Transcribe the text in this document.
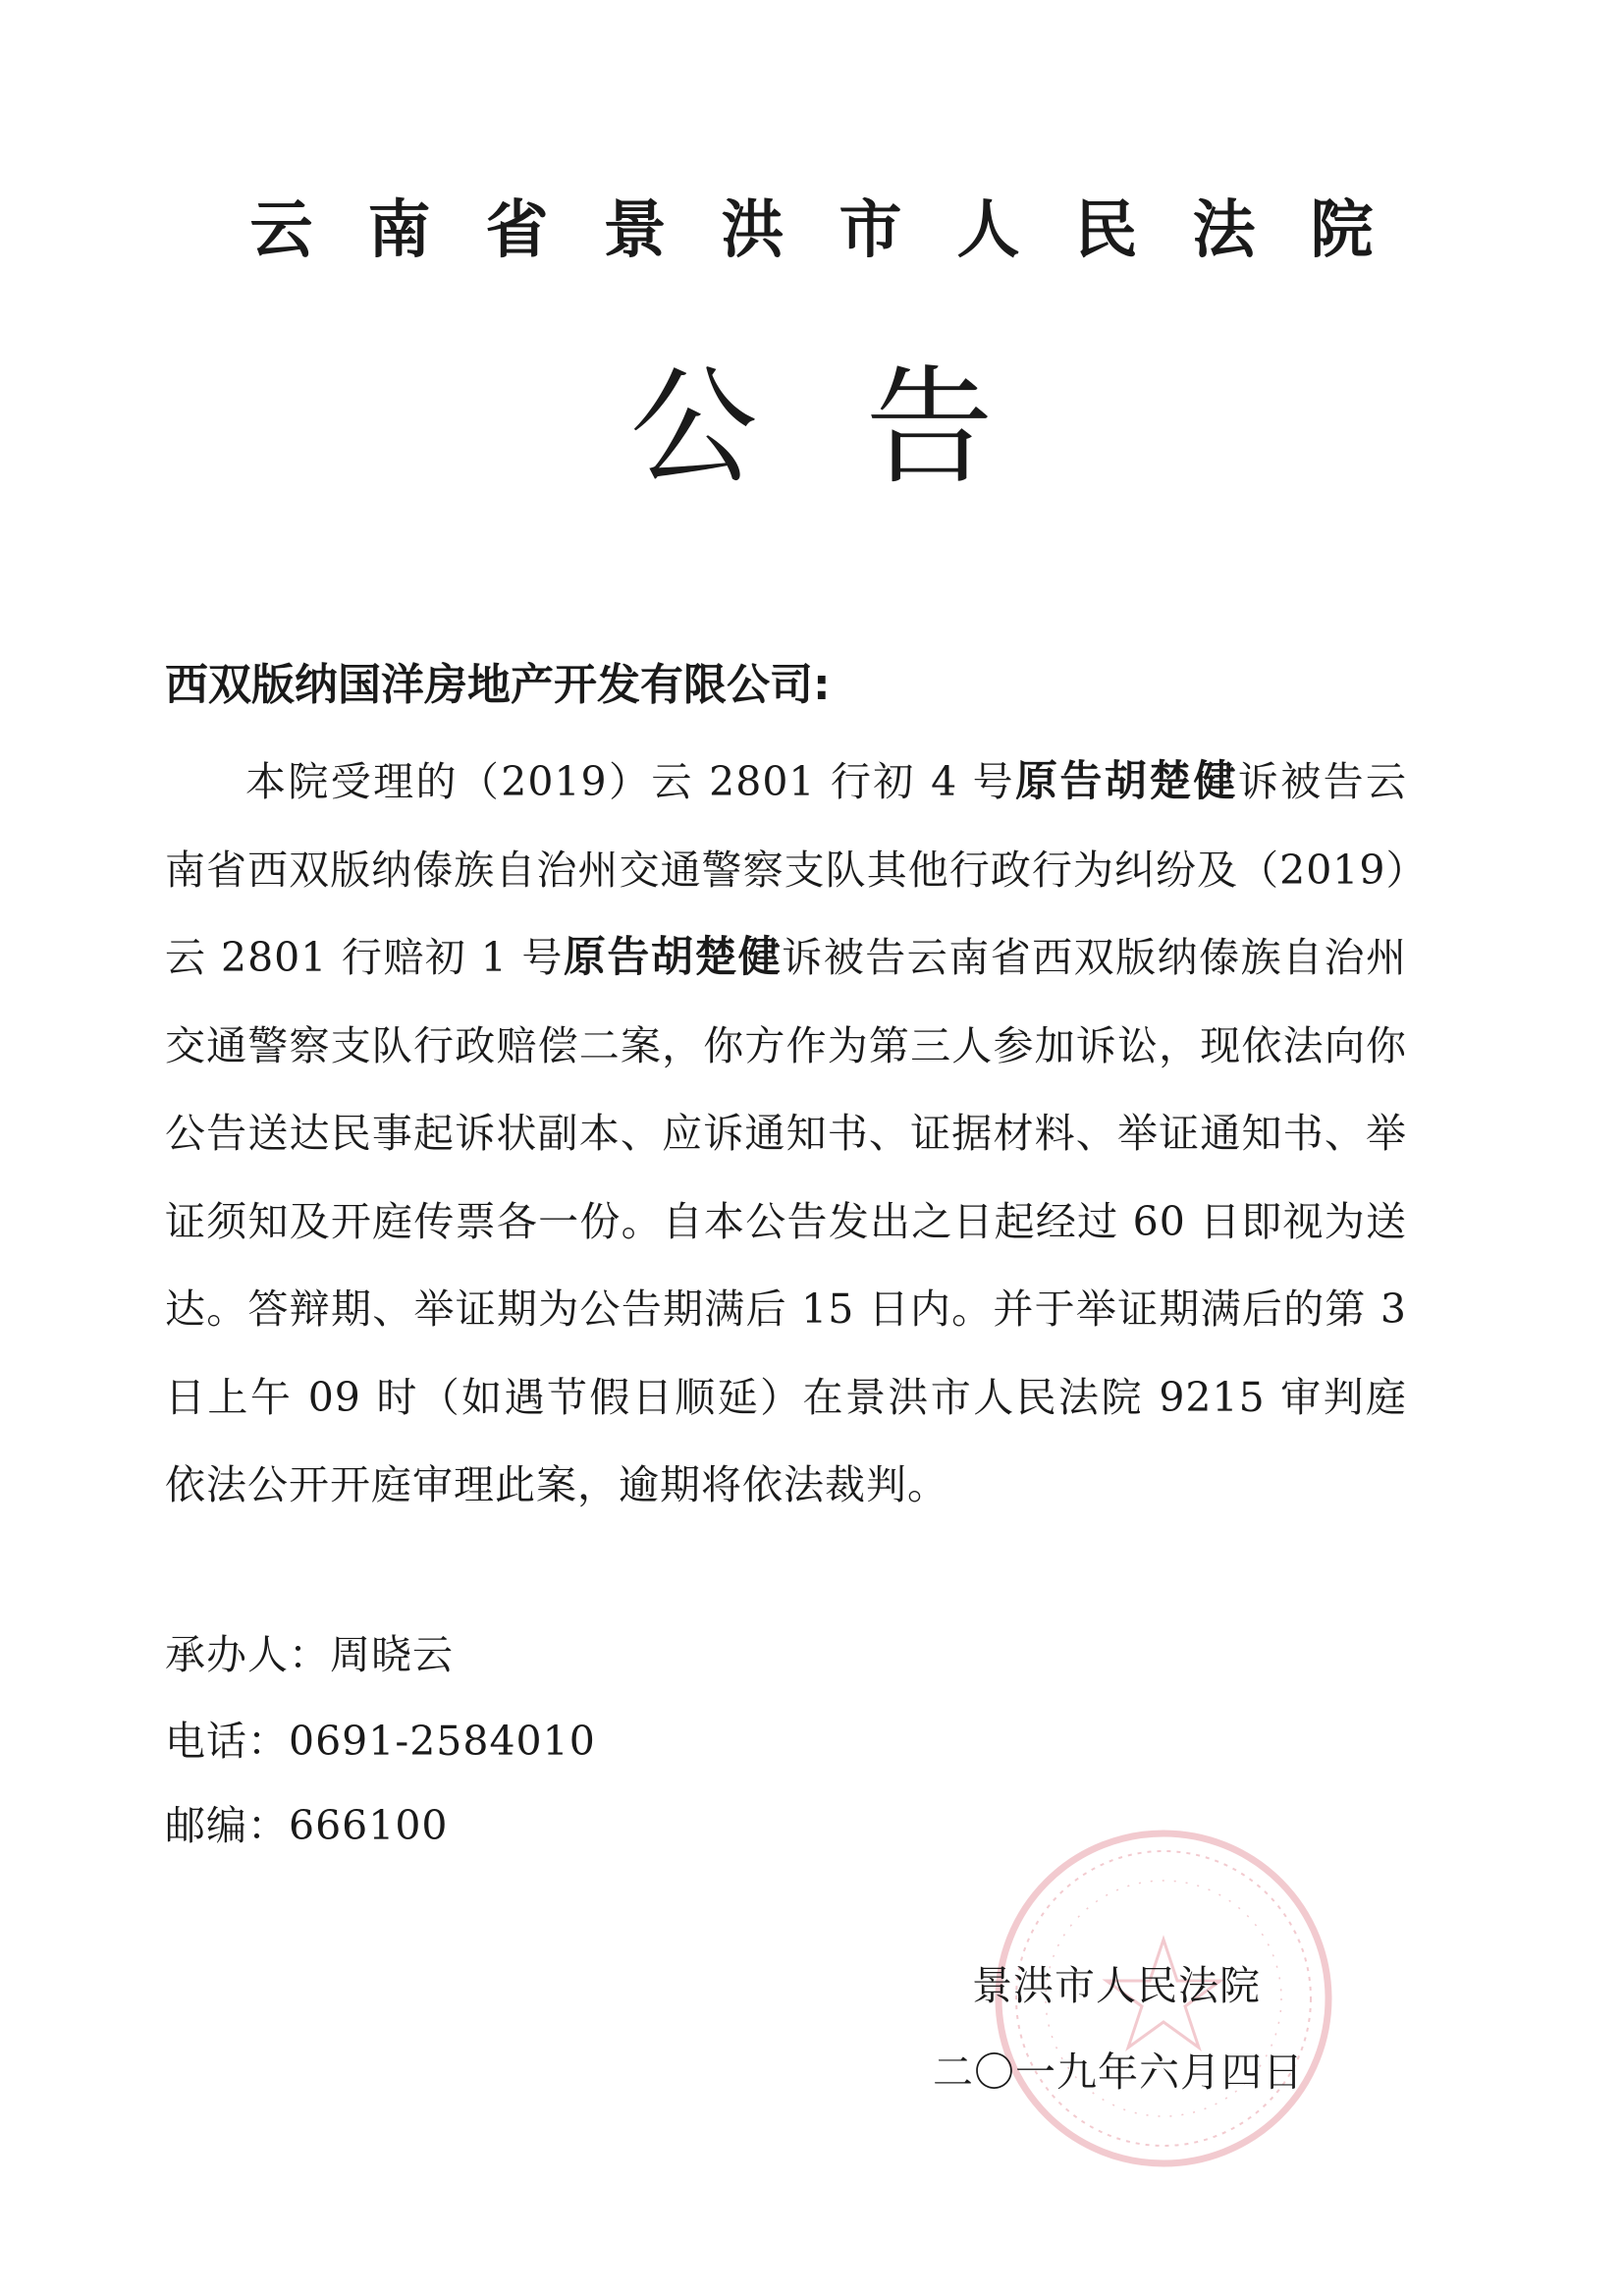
云南省景洪市人民法院
公告
西双版纳国洋房地产开发有限公司:
本院受理的（2019）云 2801 行初 4 号原告胡楚健诉被告云南省西双版纳傣族自治州交通警察支队其他行政行为纠纷及（2019）云 2801 行赔初 1 号原告胡楚健诉被告云南省西双版纳傣族自治州交通警察支队行政赔偿二案，你方作为第三人参加诉讼，现依法向你公告送达民事起诉状副本、应诉通知书、证据材料、举证通知书、举证须知及开庭传票各一份。自本公告发出之日起经过 60 日即视为送达。答辩期、举证期为公告期满后 15 日内。并于举证期满后的第 3 日上午 09 时（如遇节假日顺延）在景洪市人民法院 9215 审判庭依法公开开庭审理此案，逾期将依法裁判。
承办人：周晓云
电话：0691-2584010
邮编：666100
景洪市人民法院
二〇一九年六月四日
